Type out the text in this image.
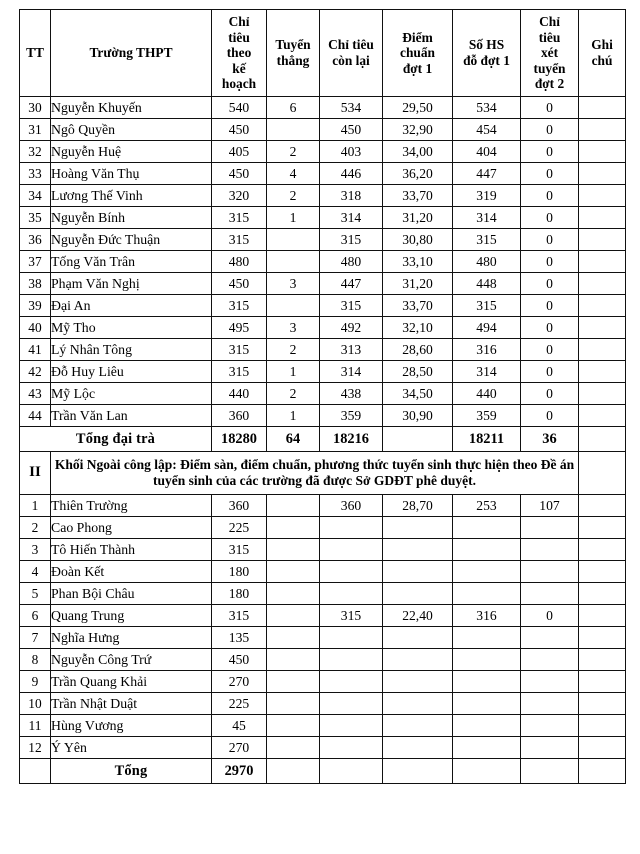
TT	Trường THPT	Chỉ
tiêu
theo
kế
hoạch	Tuyển
thẳng	Chỉ tiêu
còn lại	Điểm
chuẩn
đợt 1	Số HS
đỗ đợt 1	Chỉ
tiêu
xét
tuyển
đợt 2	Ghi
chú

30	Nguyễn Khuyến	540	6	534	29,50	534	0	
31	Ngô Quyền	450		450	32,90	454	0	
32	Nguyễn Huệ	405	2	403	34,00	404	0	
33	Hoàng Văn Thụ	450	4	446	36,20	447	0	
34	Lương Thế Vinh	320	2	318	33,70	319	0	
35	Nguyễn Bính	315	1	314	31,20	314	0	
36	Nguyễn Đức Thuận	315		315	30,80	315	0	
37	Tống Văn Trân	480		480	33,10	480	0	
38	Phạm Văn Nghị	450	3	447	31,20	448	0	
39	Đại An	315		315	33,70	315	0	
40	Mỹ Tho	495	3	492	32,10	494	0	
41	Lý Nhân Tông	315	2	313	28,60	316	0	
42	Đỗ Huy Liêu	315	1	314	28,50	314	0	
43	Mỹ Lộc	440	2	438	34,50	440	0	
44	Trần Văn Lan	360	1	359	30,90	359	0	
Tổng đại trà		18280	64	18216		18211	36	
II	Khối Ngoài công lập: Điểm sàn, điểm chuẩn, phương thức tuyển sinh thực hiện theo Đề án tuyển sinh của các trường đã được Sở GDĐT phê duyệt.							
1	Thiên Trường	360		360	28,70	253	107	
2	Cao Phong	225						
3	Tô Hiến Thành	315						
4	Đoàn Kết	180						
5	Phan Bội Châu	180						
6	Quang Trung	315		315	22,40	316	0	
7	Nghĩa Hưng	135						
8	Nguyễn Công Trứ	450						
9	Trần Quang Khải	270						
10	Trần Nhật Duật	225						
11	Hùng Vương	45						
12	Ý Yên	270						
	Tổng	2970						
